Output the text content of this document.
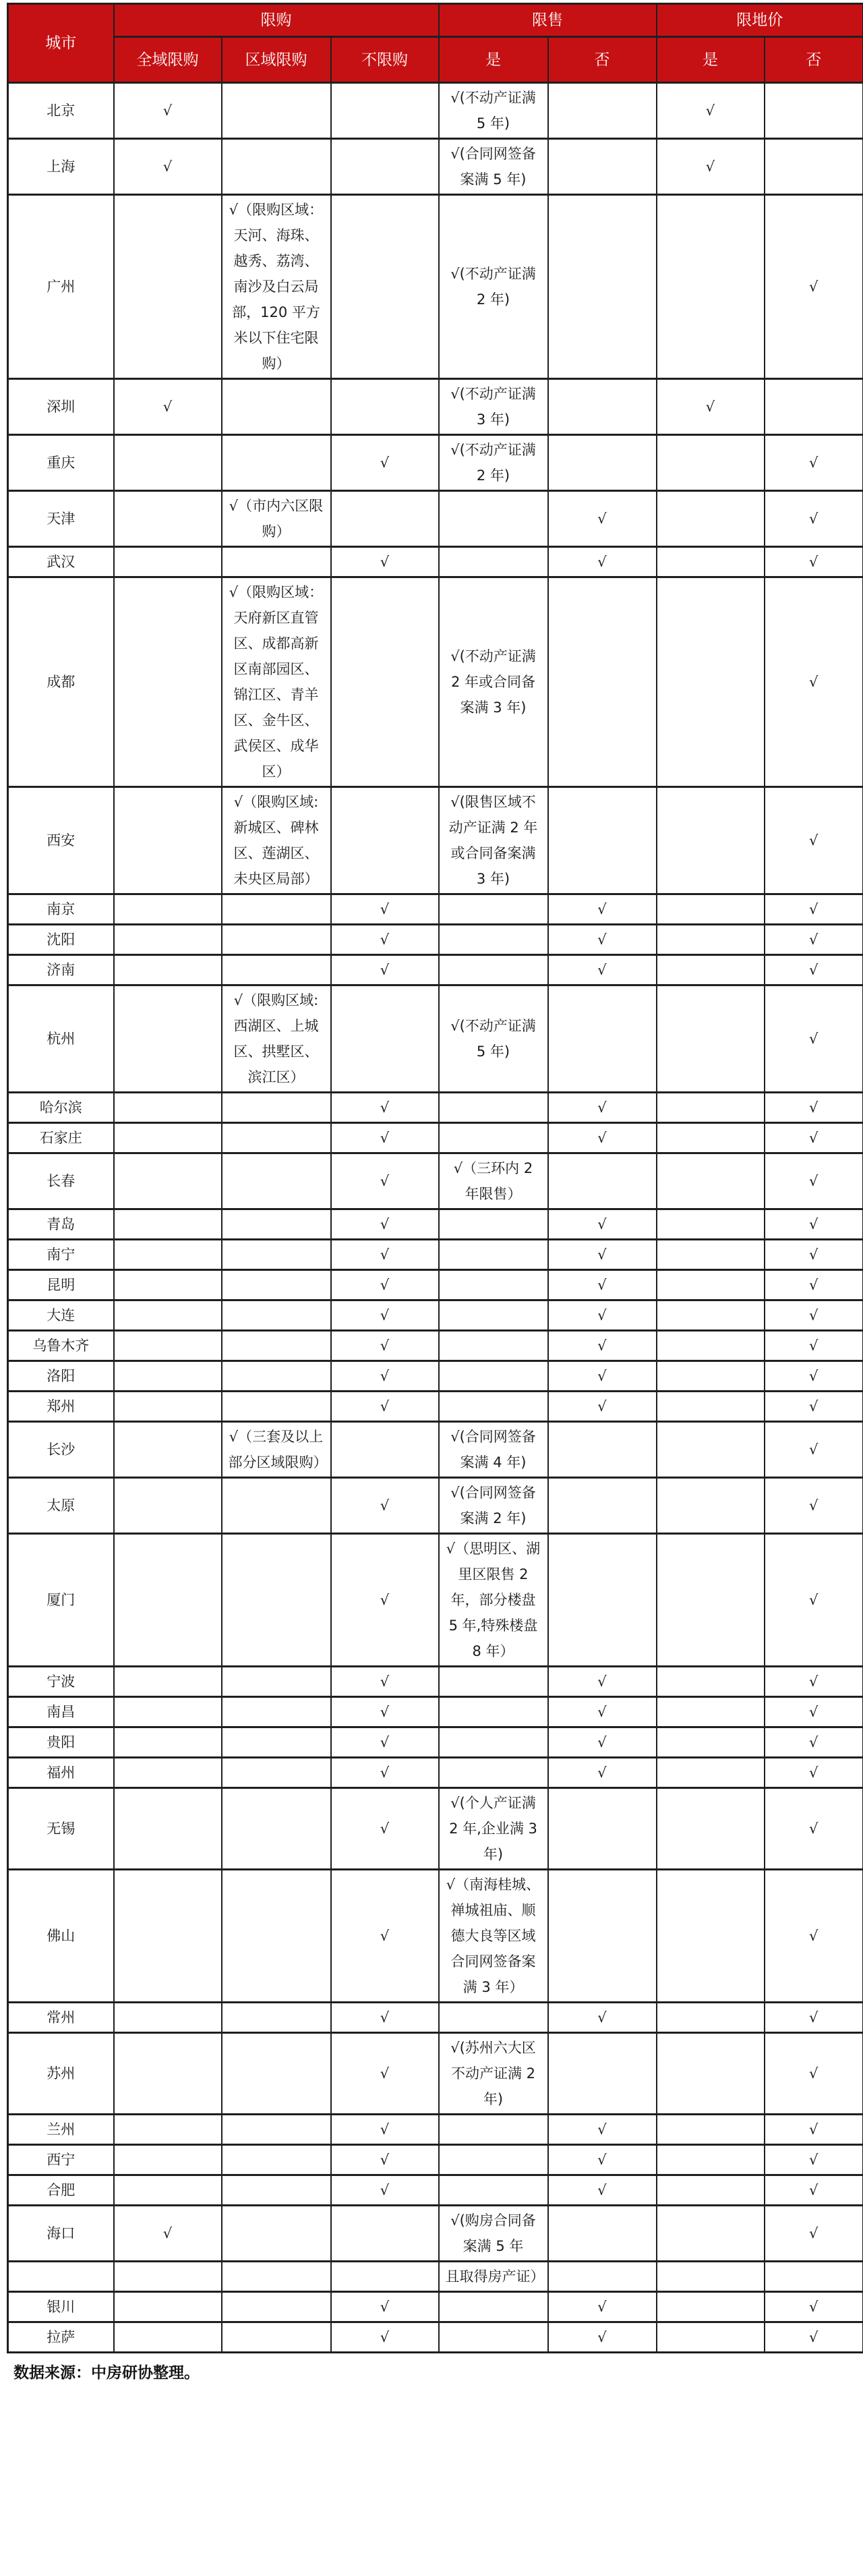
城市	限购			限售		限地价	
	全域限购	区域限购	不限购	是	否	是	否
北京	√			√(不动产证满 5 年)		√	
上海	√			√(合同网签备案满 5 年)		√	
广州		√（限购区域：天河、海珠、越秀、荔湾、南沙及白云局部，120 平方米以下住宅限购）		√(不动产证满 2 年)			√
深圳	√			√(不动产证满 3 年)		√	
重庆			√	√(不动产证满 2 年)			√
天津		√（市内六区限购）			√		√
武汉			√		√		√
成都		√（限购区域：天府新区直管区、成都高新区南部园区、锦江区、青羊区、金牛区、武侯区、成华区）		√(不动产证满 2 年或合同备案满 3 年)			√
西安		√（限购区域: 新城区、碑林区、莲湖区、未央区局部）		√(限售区域不动产证满 2 年或合同备案满 3 年)			√
南京			√		√		√
沈阳			√		√		√
济南			√		√		√
杭州		√（限购区域: 西湖区、上城区、拱墅区、滨江区）		√(不动产证满 5 年)			√
哈尔滨			√		√		√
石家庄			√		√		√
长春			√	√（三环内 2 年限售）			√
青岛			√		√		√
南宁			√		√		√
昆明			√		√		√
大连			√		√		√
乌鲁木齐			√		√		√
洛阳			√		√		√
郑州			√		√		√
长沙		√（三套及以上部分区域限购）		√(合同网签备案满 4 年)			√
太原			√	√(合同网签备案满 2 年)			√
厦门			√	√（思明区、湖里区限售 2 年，部分楼盘 5 年,特殊楼盘 8 年）			√
宁波			√		√		√
南昌			√		√		√
贵阳			√		√		√
福州			√		√		√
无锡			√	√(个人产证满 2 年,企业满 3 年)			√
佛山			√	√（南海桂城、禅城祖庙、顺德大良等区域合同网签备案满 3 年）			√
常州			√		√		√
苏州			√	√(苏州六大区不动产证满 2 年)			√
兰州			√		√		√
西宁			√		√		√
合肥			√		√		√
海口	√			√(购房合同备案满 5 年			√
				且取得房产证）			
银川			√		√		√
拉萨			√		√		√
数据来源：中房研协整理。
